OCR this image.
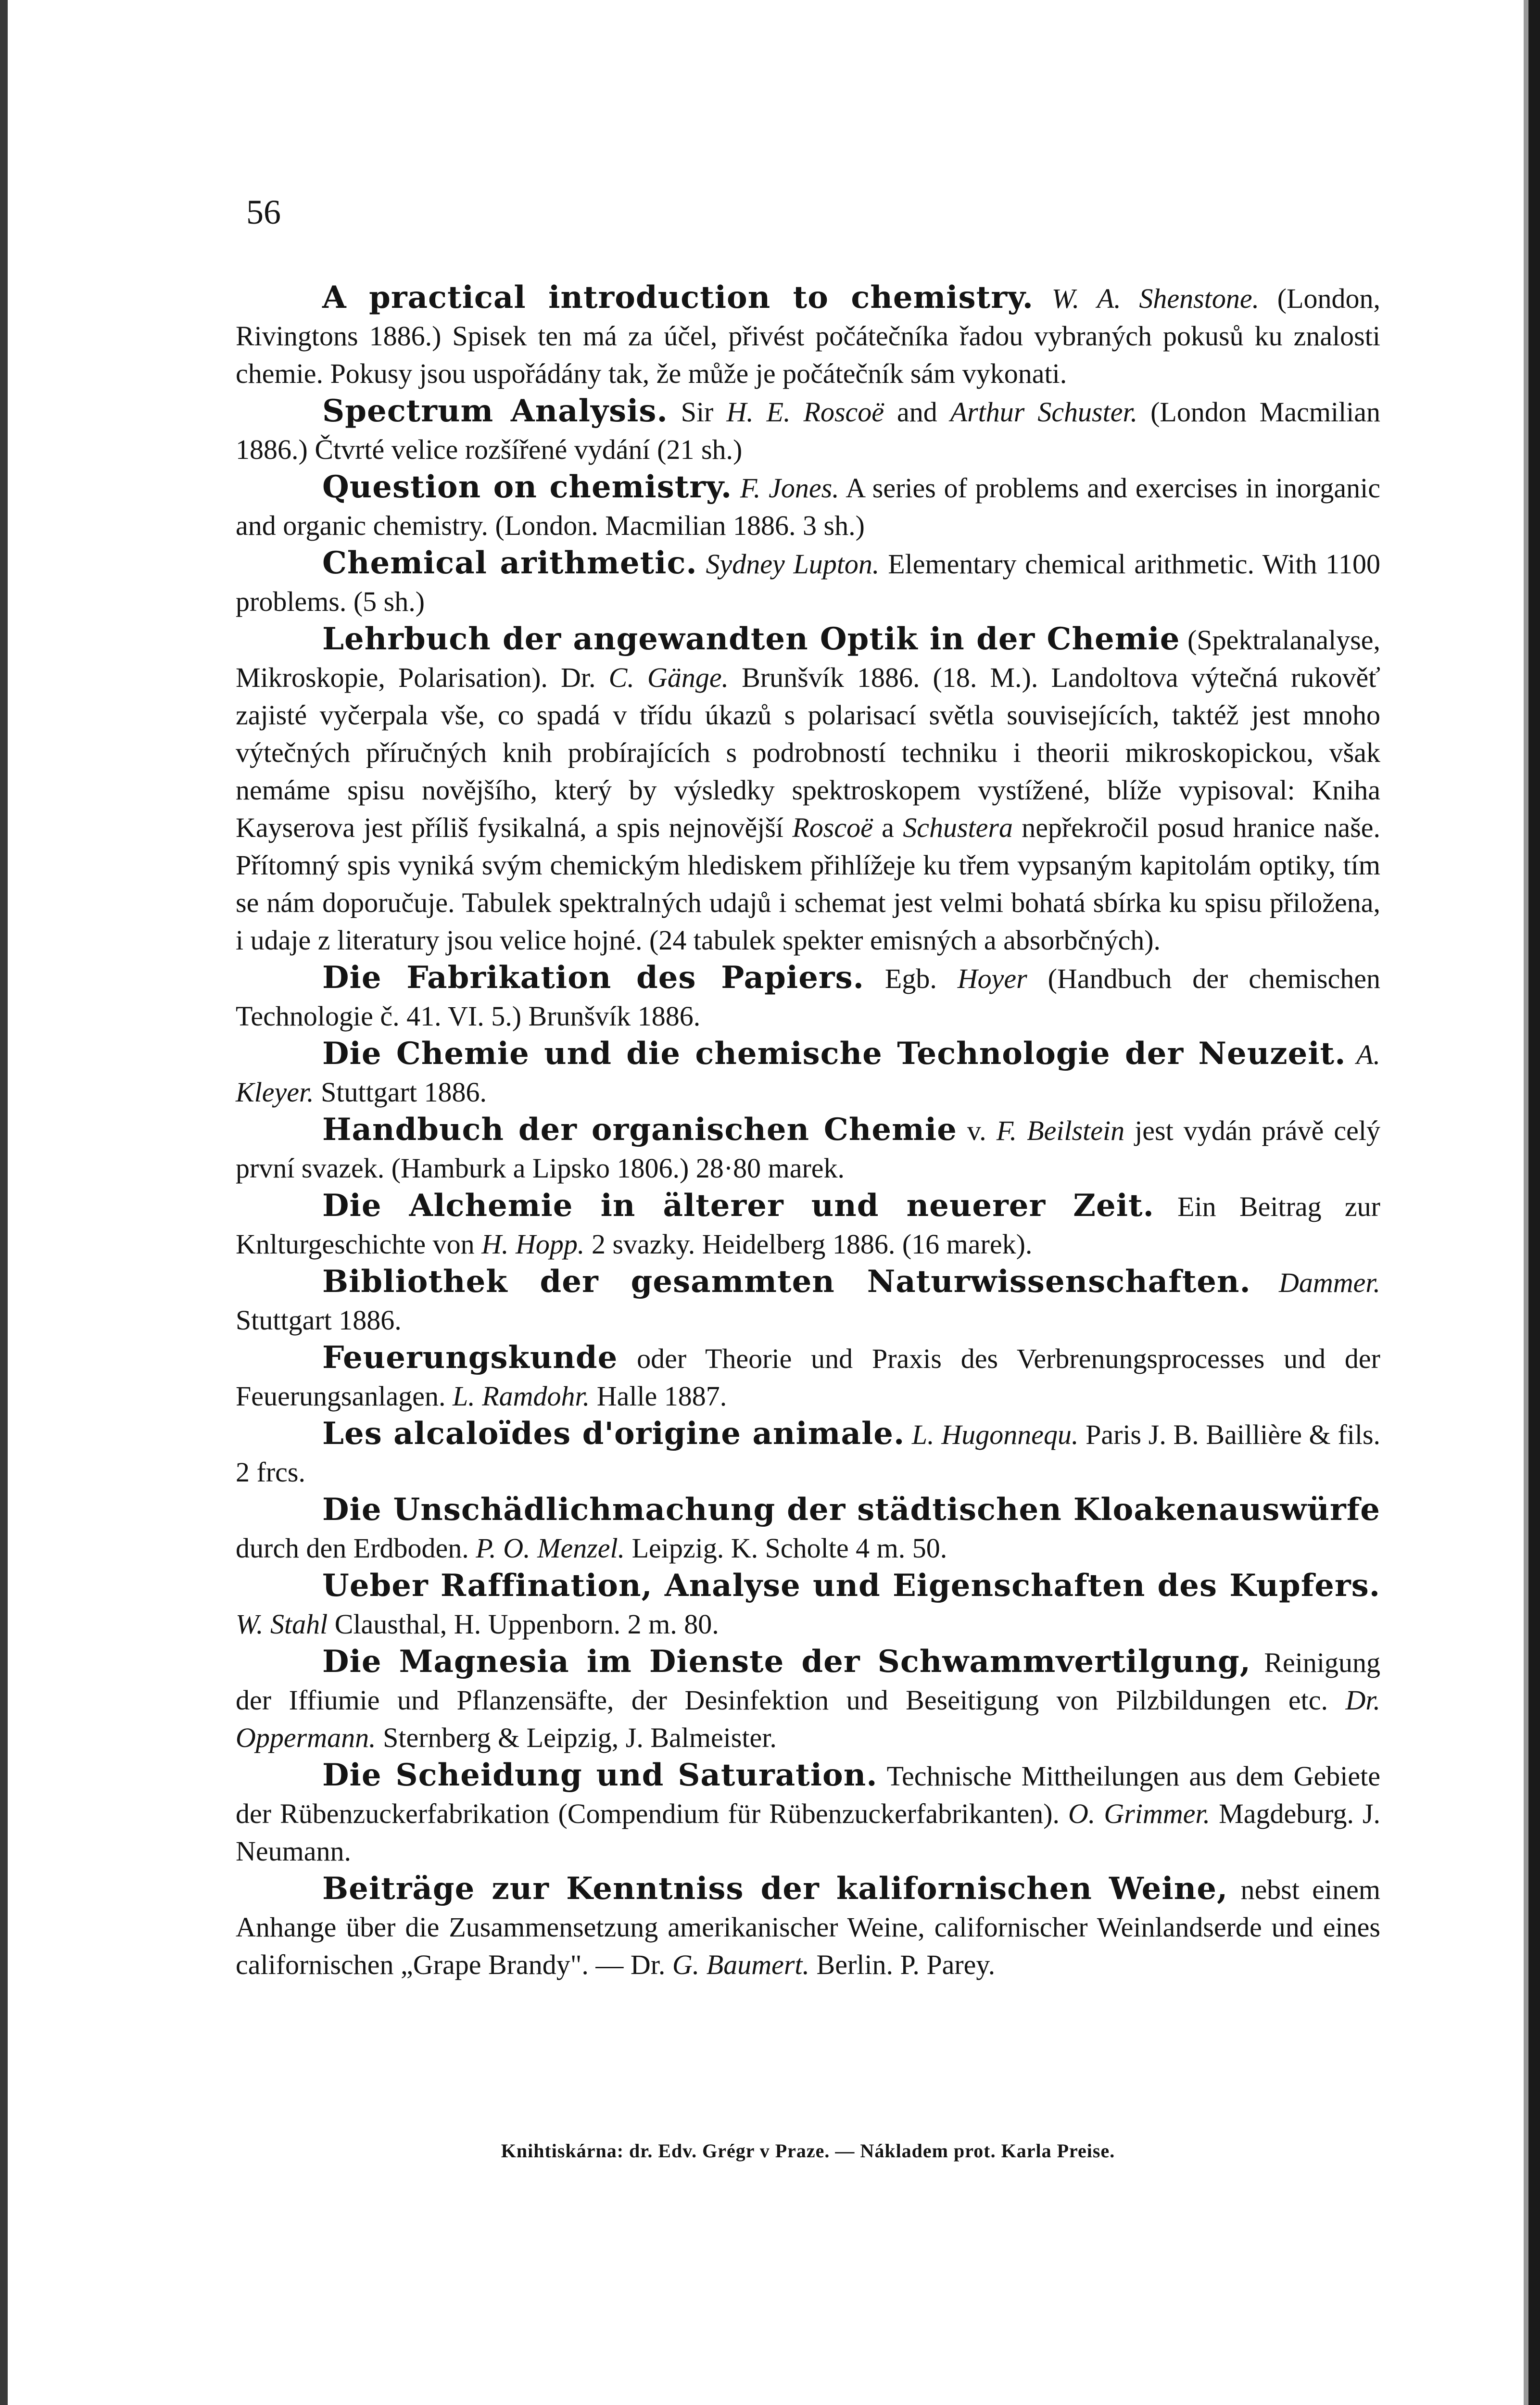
56

A practical introduction to chemistry. W. A. Shenstone. (London, Rivingtons 1886.) Spisek ten má za účel, přivést počátečníka řadou vybraných pokusů ku znalosti chemie. Pokusy jsou uspořádány tak, že může je počátečník sám vykonati.

Spectrum Analysis. Sir H. E. Roscoë and Arthur Schuster. (London Macmilian 1886.) Čtvrté velice rozšířené vydání (21 sh.)

Question on chemistry. F. Jones. A series of problems and exercises in inorganic and organic chemistry. (London. Macmilian 1886. 3 sh.)

Chemical arithmetic. Sydney Lupton. Elementary chemical arithmetic. With 1100 problems. (5 sh.)

Lehrbuch der angewandten Optik in der Chemie (Spektralanalyse, Mikroskopie, Polarisation). Dr. C. Gänge. Brunšvík 1886. (18. M.). Landoltova výtečná rukověť zajisté vyčerpala vše, co spadá v třídu úkazů s polarisací světla souvisejících, taktéž jest mnoho výtečných příručných knih probírajících s podrobností techniku i theorii mikroskopickou, však nemáme spisu novějšího, který by výsledky spektroskopem vystížené, blíže vypisoval: Kniha Kayserova jest příliš fysikalná, a spis nejnovější Roscoë a Schustera nepřekročil posud hranice naše. Přítomný spis vyniká svým chemickým hlediskem přihlížeje ku třem vypsaným kapitolám optiky, tím se nám doporučuje. Tabulek spektralných udajů i schemat jest velmi bohatá sbírka ku spisu přiložena, i udaje z literatury jsou velice hojné. (24 tabulek spekter emisných a absorbčných).

Die Fabrikation des Papiers. Egb. Hoyer (Handbuch der chemischen Technologie č. 41. VI. 5.) Brunšvík 1886.

Die Chemie und die chemische Technologie der Neuzeit. A. Kleyer. Stuttgart 1886.

Handbuch der organischen Chemie v. F. Beilstein jest vydán právě celý první svazek. (Hamburk a Lipsko 1806.) 28·80 marek.

Die Alchemie in älterer und neuerer Zeit. Ein Beitrag zur Knlturgeschichte von H. Hopp. 2 svazky. Heidelberg 1886. (16 marek).

Bibliothek der gesammten Naturwissenschaften. Dammer. Stuttgart 1886.

Feuerungskunde oder Theorie und Praxis des Verbrenungsprocesses und der Feuerungsanlagen. L. Ramdohr. Halle 1887.

Les alcaloïdes d'origine animale. L. Hugonnequ. Paris J. B. Baillière & fils. 2 frcs.

Die Unschädlichmachung der städtischen Kloakenauswürfe durch den Erdboden. P. O. Menzel. Leipzig. K. Scholte 4 m. 50.

Ueber Raffination, Analyse und Eigenschaften des Kupfers. W. Stahl Clausthal, H. Uppenborn. 2 m. 80.

Die Magnesia im Dienste der Schwammvertilgung, Reinigung der Iffiumie und Pflanzensäfte, der Desinfektion und Beseitigung von Pilzbildungen etc. Dr. Oppermann. Sternberg & Leipzig, J. Balmeister.

Die Scheidung und Saturation. Technische Mittheilungen aus dem Gebiete der Rübenzuckerfabrikation (Compendium für Rübenzuckerfabrikanten). O. Grimmer. Magdeburg. J. Neumann.

Beiträge zur Kenntniss der kalifornischen Weine, nebst einem Anhange über die Zusammensetzung amerikanischer Weine, californischer Weinlandserde und eines californischen „Grape Brandy". — Dr. G. Baumert. Berlin. P. Parey.

Knihtiskárna: dr. Edv. Grégr v Praze. — Nákladem prot. Karla Preise.
